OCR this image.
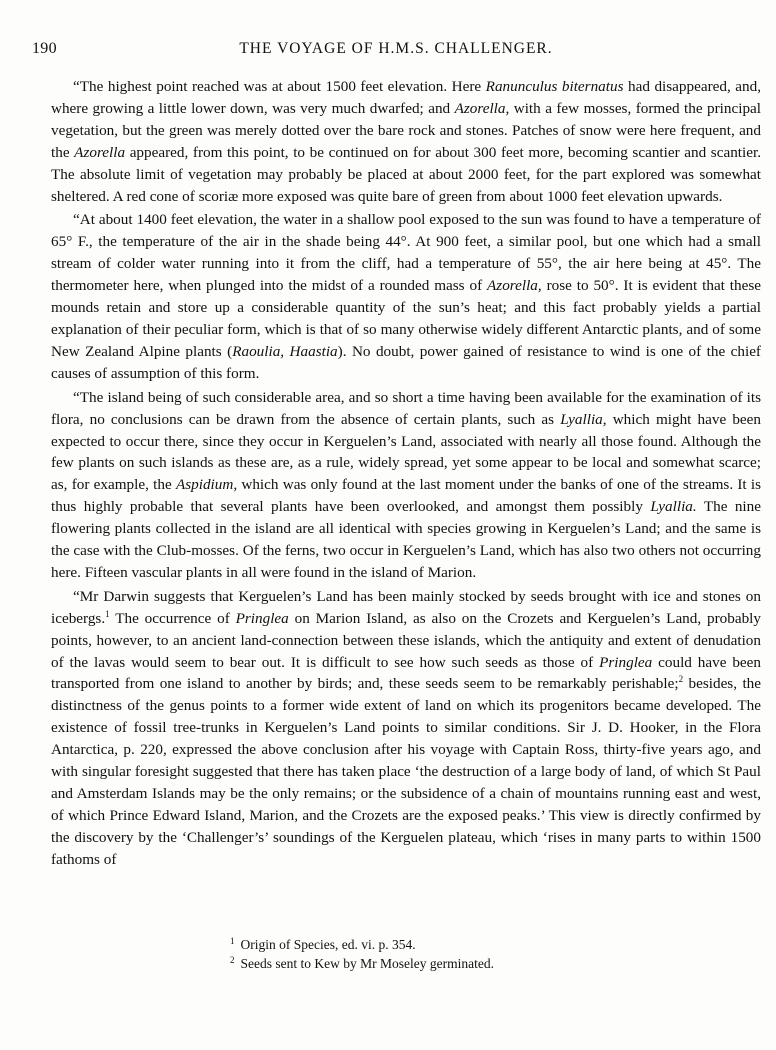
190	THE VOYAGE OF H.M.S. CHALLENGER.

“The highest point reached was at about 1500 feet elevation. Here Ranunculus biternatus had disappeared, and, where growing a little lower down, was very much dwarfed; and Azorella, with a few mosses, formed the principal vegetation, but the green was merely dotted over the bare rock and stones. Patches of snow were here frequent, and the Azorella appeared, from this point, to be continued on for about 300 feet more, becoming scantier and scantier. The absolute limit of vegetation may probably be placed at about 2000 feet, for the part explored was somewhat sheltered. A red cone of scoriæ more exposed was quite bare of green from about 1000 feet elevation upwards.

“At about 1400 feet elevation, the water in a shallow pool exposed to the sun was found to have a temperature of 65° F., the temperature of the air in the shade being 44°. At 900 feet, a similar pool, but one which had a small stream of colder water running into it from the cliff, had a temperature of 55°, the air here being at 45°. The thermometer here, when plunged into the midst of a rounded mass of Azorella, rose to 50°. It is evident that these mounds retain and store up a considerable quantity of the sun’s heat; and this fact probably yields a partial explanation of their peculiar form, which is that of so many otherwise widely different Antarctic plants, and of some New Zealand Alpine plants (Raoulia, Haastia). No doubt, power gained of resistance to wind is one of the chief causes of assumption of this form.

“The island being of such considerable area, and so short a time having been available for the examination of its flora, no conclusions can be drawn from the absence of certain plants, such as Lyallia, which might have been expected to occur there, since they occur in Kerguelen’s Land, associated with nearly all those found. Although the few plants on such islands as these are, as a rule, widely spread, yet some appear to be local and somewhat scarce; as, for example, the Aspidium, which was only found at the last moment under the banks of one of the streams. It is thus highly probable that several plants have been overlooked, and amongst them possibly Lyallia. The nine flowering plants collected in the island are all identical with species growing in Kerguelen’s Land; and the same is the case with the Club-mosses. Of the ferns, two occur in Kerguelen’s Land, which has also two others not occurring here. Fifteen vascular plants in all were found in the island of Marion.

“Mr Darwin suggests that Kerguelen’s Land has been mainly stocked by seeds brought with ice and stones on icebergs.$^1$ The occurrence of Pringlea on Marion Island, as also on the Crozets and Kerguelen’s Land, probably points, however, to an ancient land-connection between these islands, which the antiquity and extent of denudation of the lavas would seem to bear out. It is difficult to see how such seeds as those of Pringlea could have been transported from one island to another by birds; and, these seeds seem to be remarkably perishable;$^2$ besides, the distinctness of the genus points to a former wide extent of land on which its progenitors became developed. The existence of fossil tree-trunks in Kerguelen’s Land points to similar conditions. Sir J. D. Hooker, in the Flora Antarctica, p. 220, expressed the above conclusion after his voyage with Captain Ross, thirty-five years ago, and with singular foresight suggested that there has taken place ‘the destruction of a large body of land, of which St Paul and Amsterdam Islands may be the only remains; or the subsidence of a chain of mountains running east and west, of which Prince Edward Island, Marion, and the Crozets are the exposed peaks.’ This view is directly confirmed by the discovery by the ‘Challenger’s’ soundings of the Kerguelen plateau, which ‘rises in many parts to within 1500 fathoms of

$^1$ Origin of Species, ed. vi. p. 354.
$^2$ Seeds sent to Kew by Mr Moseley germinated.
